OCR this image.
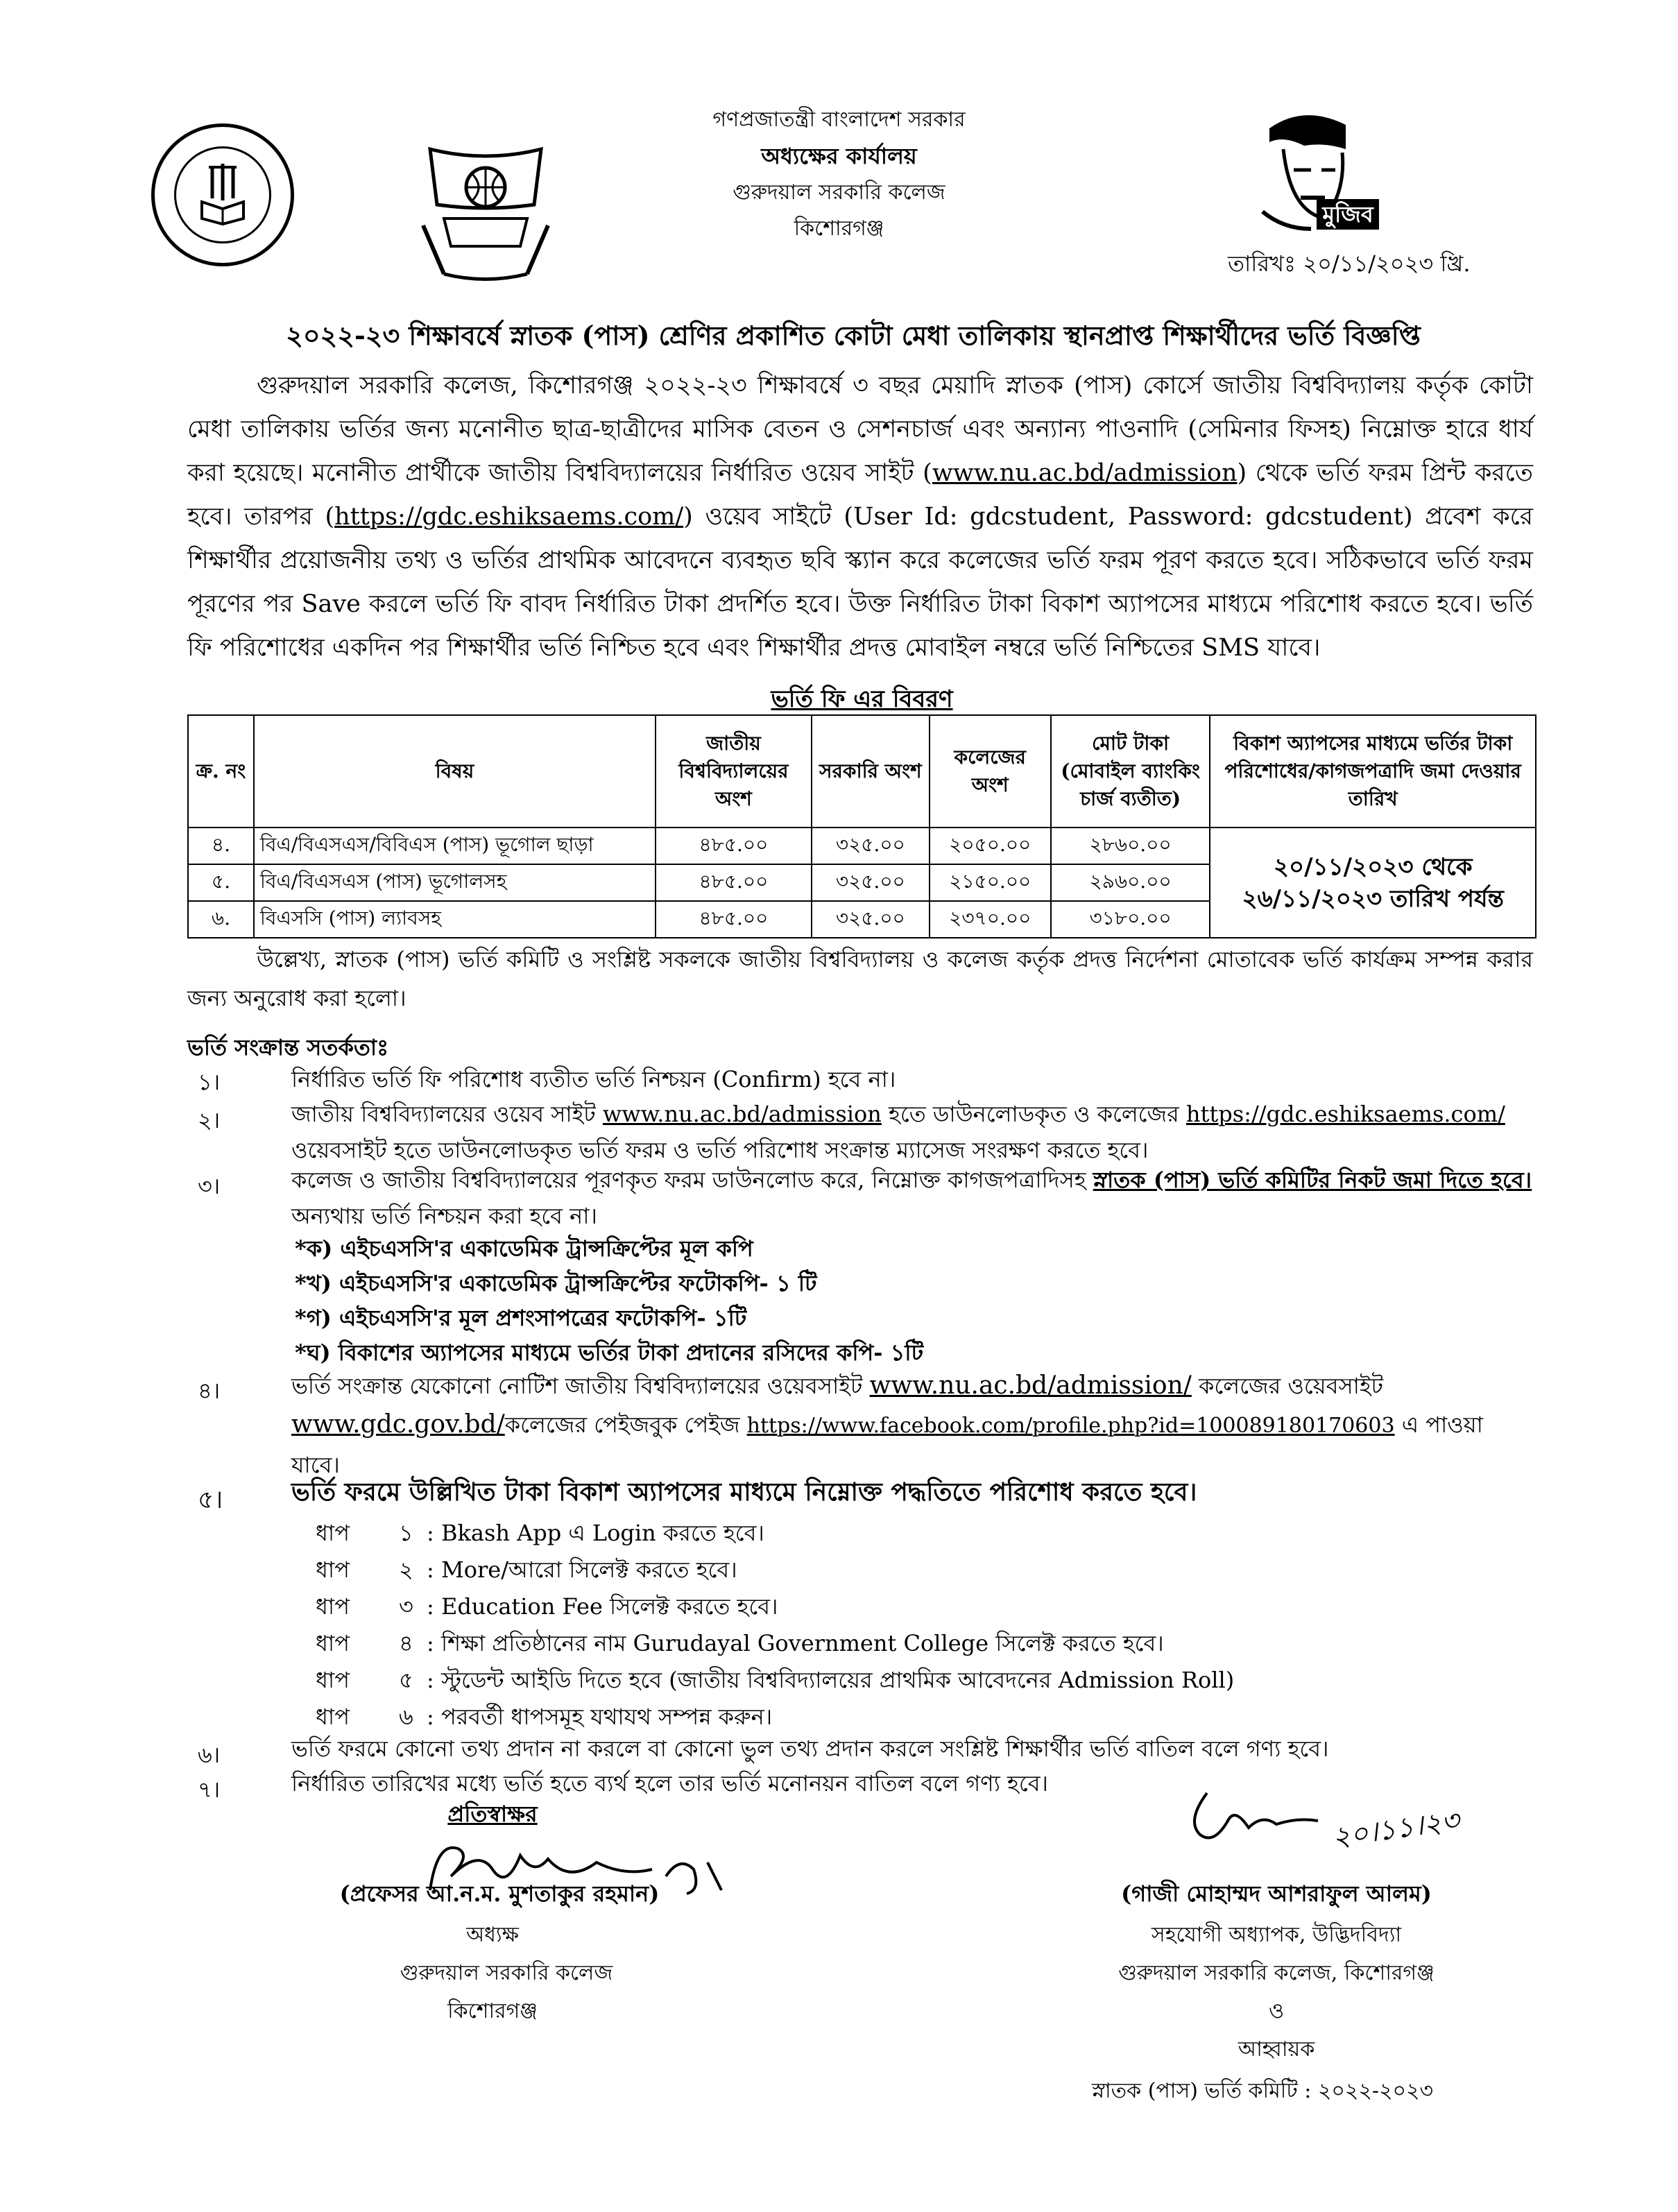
মুজিব
গণপ্রজাতন্ত্রী বাংলাদেশ সরকার
অধ্যক্ষের কার্যালয়
গুরুদয়াল সরকারি কলেজ
কিশোরগঞ্জ
তারিখঃ ২০/১১/২০২৩ খ্রি.
২০২২-২৩ শিক্ষাবর্ষে স্নাতক (পাস) শ্রেণির প্রকাশিত কোটা মেধা তালিকায় স্থানপ্রাপ্ত শিক্ষার্থীদের ভর্তি বিজ্ঞপ্তি

গুরুদয়াল সরকারি কলেজ, কিশোরগঞ্জ ২০২২-২৩ শিক্ষাবর্ষে ৩ বছর মেয়াদি স্নাতক (পাস) কোর্সে জাতীয় বিশ্ববিদ্যালয় কর্তৃক কোটা মেধা তালিকায় ভর্তির জন্য মনোনীত ছাত্র-ছাত্রীদের মাসিক বেতন ও সেশনচার্জ এবং অন্যান্য পাওনাদি (সেমিনার ফিসহ) নিম্নোক্ত হারে ধার্য করা হয়েছে। মনোনীত প্রার্থীকে জাতীয় বিশ্ববিদ্যালয়ের নির্ধারিত ওয়েব সাইট (www.nu.ac.bd/admission) থেকে ভর্তি ফরম প্রিন্ট করতে হবে। তারপর (https://gdc.eshiksaems.com/) ওয়েব সাইটে (User Id: gdcstudent, Password: gdcstudent) প্রবেশ করে শিক্ষার্থীর প্রয়োজনীয় তথ্য ও ভর্তির প্রাথমিক আবেদনে ব্যবহৃত ছবি স্ক্যান করে কলেজের ভর্তি ফরম পূরণ করতে হবে। সঠিকভাবে ভর্তি ফরম পূরণের পর Save করলে ভর্তি ফি বাবদ নির্ধারিত টাকা প্রদর্শিত হবে। উক্ত নির্ধারিত টাকা বিকাশ অ্যাপসের মাধ্যমে পরিশোধ করতে হবে। ভর্তি ফি পরিশোধের একদিন পর শিক্ষার্থীর ভর্তি নিশ্চিত হবে এবং শিক্ষার্থীর প্রদত্ত মোবাইল নম্বরে ভর্তি নিশ্চিতের SMS যাবে।

ভর্তি ফি এর বিবরণ
ক্র. নং	বিষয়	জাতীয় বিশ্ববিদ্যালয়ের অংশ	সরকারি অংশ	কলেজের অংশ	মোট টাকা (মোবাইল ব্যাংকিং চার্জ ব্যতীত)	বিকাশ অ্যাপসের মাধ্যমে ভর্তির টাকা পরিশোধের/কাগজপত্রাদি জমা দেওয়ার তারিখ
৪.	বিএ/বিএসএস/বিবিএস (পাস) ভূগোল ছাড়া	৪৮৫.০০	৩২৫.০০	২০৫০.০০	২৮৬০.০০	২০/১১/২০২৩ থেকে
২৬/১১/২০২৩ তারিখ পর্যন্ত

৫.	বিএ/বিএসএস (পাস) ভূগোলসহ	৪৮৫.০০	৩২৫.০০	২১৫০.০০	২৯৬০.০০	
৬.	বিএসসি (পাস) ল্যাবসহ	৪৮৫.০০	৩২৫.০০	২৩৭০.০০	৩১৮০.০০	

উল্লেখ্য, স্নাতক (পাস) ভর্তি কমিটি ও সংশ্লিষ্ট সকলকে জাতীয় বিশ্ববিদ্যালয় ও কলেজ কর্তৃক প্রদত্ত নির্দেশনা মোতাবেক ভর্তি কার্যক্রম সম্পন্ন করার জন্য অনুরোধ করা হলো।

ভর্তি সংক্রান্ত সতর্কতাঃ
১।	নির্ধারিত ভর্তি ফি পরিশোধ ব্যতীত ভর্তি নিশ্চয়ন (Confirm) হবে না।
২।	জাতীয় বিশ্ববিদ্যালয়ের ওয়েব সাইট www.nu.ac.bd/admission হতে ডাউনলোডকৃত ও কলেজের https://gdc.eshiksaems.com/ ওয়েবসাইট হতে ডাউনলোডকৃত ভর্তি ফরম ও ভর্তি পরিশোধ সংক্রান্ত ম্যাসেজ সংরক্ষণ করতে হবে।
৩।	কলেজ ও জাতীয় বিশ্ববিদ্যালয়ের পূরণকৃত ফরম ডাউনলোড করে, নিম্নোক্ত কাগজপত্রাদিসহ স্নাতক (পাস) ভর্তি কমিটির নিকট জমা দিতে হবে। অন্যথায় ভর্তি নিশ্চয়ন করা হবে না।
*ক) এইচএসসি'র একাডেমিক ট্রান্সক্রিপ্টের মূল কপি
*খ) এইচএসসি'র একাডেমিক ট্রান্সক্রিপ্টের ফটোকপি- ১ টি
*গ) এইচএসসি'র মূল প্রশংসাপত্রের ফটোকপি- ১টি
*ঘ) বিকাশের অ্যাপসের মাধ্যমে ভর্তির টাকা প্রদানের রসিদের কপি- ১টি
৪।	ভর্তি সংক্রান্ত যেকোনো নোটিশ জাতীয় বিশ্ববিদ্যালয়ের ওয়েবসাইট www.nu.ac.bd/admission/ কলেজের ওয়েবসাইট www.gdc.gov.bd/কলেজের পেইজবুক পেইজ https://www.facebook.com/profile.php?id=100089180170603 এ পাওয়া যাবে।
৫।	ভর্তি ফরমে উল্লিখিত টাকা বিকাশ অ্যাপসের মাধ্যমে নিম্নোক্ত পদ্ধতিতে পরিশোধ করতে হবে।
ধাপ ১ : Bkash App এ Login করতে হবে।
ধাপ ২ : More/আরো সিলেক্ট করতে হবে।
ধাপ ৩ : Education Fee সিলেক্ট করতে হবে।
ধাপ ৪ : শিক্ষা প্রতিষ্ঠানের নাম Gurudayal Government College সিলেক্ট করতে হবে।
ধাপ ৫ : স্টুডেন্ট আইডি দিতে হবে (জাতীয় বিশ্ববিদ্যালয়ের প্রাথমিক আবেদনের Admission Roll)
ধাপ ৬ : পরবর্তী ধাপসমূহ যথাযথ সম্পন্ন করুন।
৬।	ভর্তি ফরমে কোনো তথ্য প্রদান না করলে বা কোনো ভুল তথ্য প্রদান করলে সংশ্লিষ্ট শিক্ষার্থীর ভর্তি বাতিল বলে গণ্য হবে।
৭।	নির্ধারিত তারিখের মধ্যে ভর্তি হতে ব্যর্থ হলে তার ভর্তি মনোনয়ন বাতিল বলে গণ্য হবে।
প্রতিস্বাক্ষর
(প্রফেসর আ.ন.ম. মুশতাকুর রহমান)
অধ্যক্ষ
গুরুদয়াল সরকারি কলেজ
কিশোরগঞ্জ
২০।১১।২৩
(গাজী মোহাম্মদ আশরাফুল আলম)
সহযোগী অধ্যাপক, উদ্ভিদবিদ্যা
গুরুদয়াল সরকারি কলেজ, কিশোরগঞ্জ
ও
আহ্বায়ক
স্নাতক (পাস) ভর্তি কমিটি : ২০২২-২০২৩
